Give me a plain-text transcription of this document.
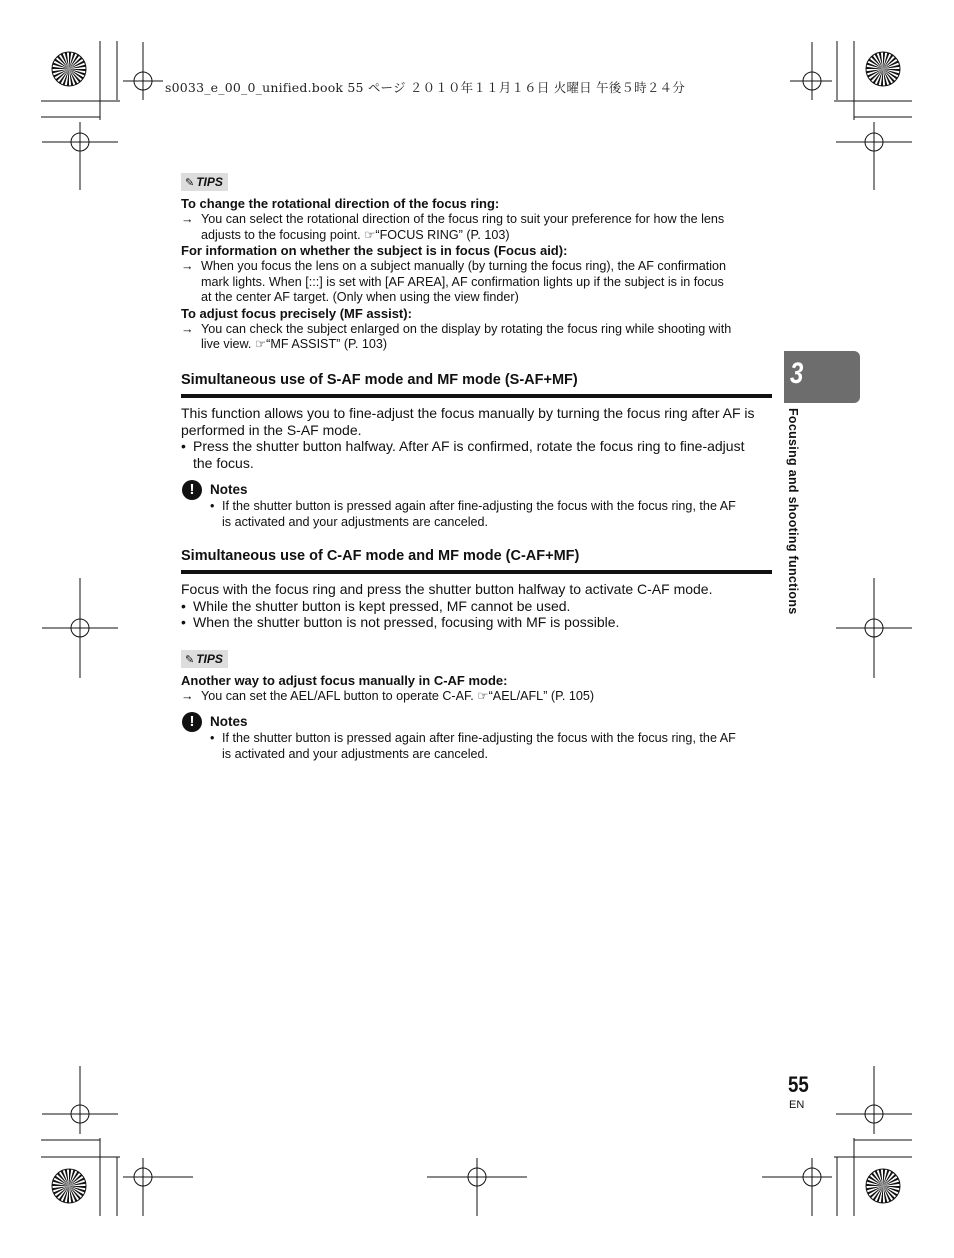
s0033_e_00_0_unified.book 55 ページ ２０１０年１１月１６日 火曜日 午後５時２４分
✎ TIPS
To change the rotational direction of the focus ring:
→ You can select the rotational direction of the focus ring to suit your preference for how the lens
adjusts to the focusing point. ☞“FOCUS RING” (P. 103)
For information on whether the subject is in focus (Focus aid):
→ When you focus the lens on a subject manually (by turning the focus ring), the AF confirmation
mark lights. When [:::] is set with [AF AREA], AF confirmation lights up if the subject is in focus
at the center AF target. (Only when using the view finder)
To adjust focus precisely (MF assist):
→ You can check the subject enlarged on the display by rotating the focus ring while shooting with
live view. ☞“MF ASSIST” (P. 103)
Simultaneous use of S-AF mode and MF mode (S-AF+MF)
This function allows you to fine-adjust the focus manually by turning the focus ring after AF is
performed in the S-AF mode.
• Press the shutter button halfway. After AF is confirmed, rotate the focus ring to fine-adjust
the focus.
!	Notes
• If the shutter button is pressed again after fine-adjusting the focus with the focus ring, the AF
is activated and your adjustments are canceled.
Simultaneous use of C-AF mode and MF mode (C-AF+MF)
Focus with the focus ring and press the shutter button halfway to activate C-AF mode.
• While the shutter button is kept pressed, MF cannot be used.
• When the shutter button is not pressed, focusing with MF is possible.
✎ TIPS
Another way to adjust focus manually in C-AF mode:
→ You can set the AEL/AFL button to operate C-AF. ☞“AEL/AFL” (P. 105)
!	Notes
• If the shutter button is pressed again after fine-adjusting the focus with the focus ring, the AF
is activated and your adjustments are canceled.
3
Focusing and shooting functions
55
EN
